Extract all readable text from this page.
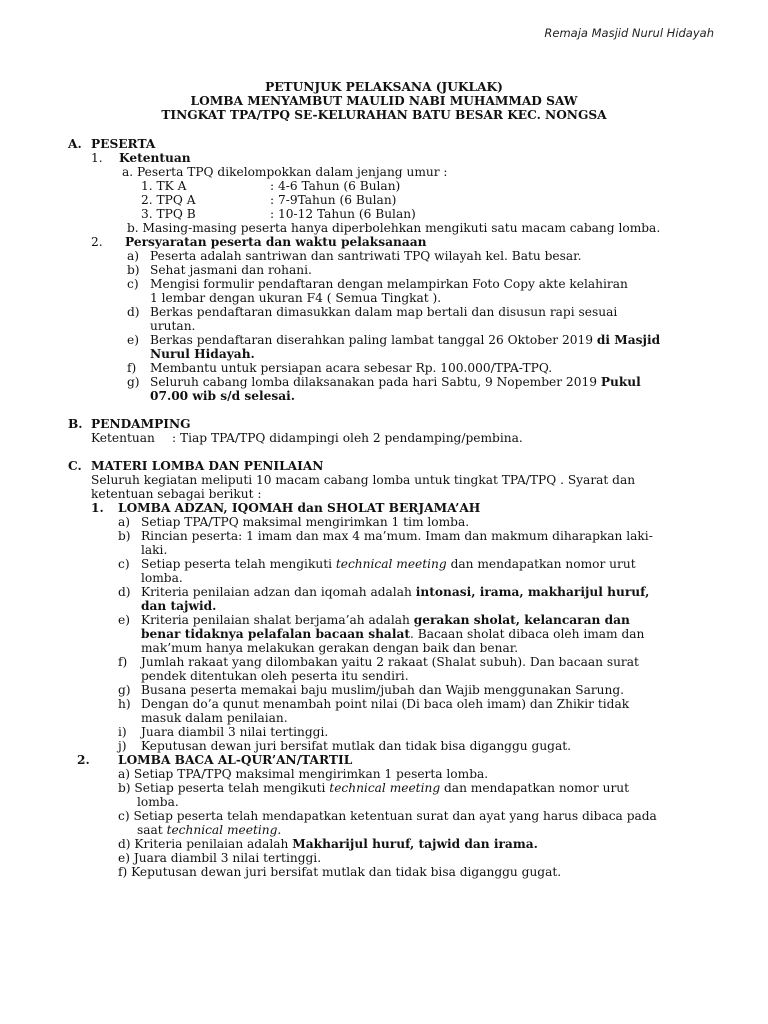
Remaja Masjid Nurul Hidayah
PETUNJUK PELAKSANA (JUKLAK)
LOMBA MENYAMBUT MAULID NABI MUHAMMAD SAW
TINGKAT TPA/TPQ SE-KELURAHAN BATU BESAR KEC. NONGSA
A. PESERTA
1. Ketentuan
a. Peserta TPQ dikelompokkan dalam jenjang umur :
1. TK A	: 4-6 Tahun (6 Bulan)
2. TPQ A	: 7-9Tahun (6 Bulan)
3. TPQ B	: 10-12 Tahun (6 Bulan)
b. Masing-masing peserta hanya diperbolehkan mengikuti satu macam cabang lomba.
2. Persyaratan peserta dan waktu pelaksanaan
a) Peserta adalah santriwan dan santriwati TPQ wilayah kel. Batu besar.
b) Sehat jasmani dan rohani.
c) Mengisi formulir pendaftaran dengan melampirkan Foto Copy akte kelahiran
1 lembar dengan ukuran F4 ( Semua Tingkat ).
d) Berkas pendaftaran dimasukkan dalam map bertali dan disusun rapi sesuai
urutan.
e) Berkas pendaftaran diserahkan paling lambat tanggal 26 Oktober 2019 di Masjid
Nurul Hidayah.
f) Membantu untuk persiapan acara sebesar Rp. 100.000/TPA-TPQ.
g) Seluruh cabang lomba dilaksanakan pada hari Sabtu, 9 Nopember 2019 Pukul
07.00 wib s/d selesai.
B. PENDAMPING
Ketentuan : Tiap TPA/TPQ didampingi oleh 2 pendamping/pembina.
C. MATERI LOMBA DAN PENILAIAN
Seluruh kegiatan meliputi 10 macam cabang lomba untuk tingkat TPA/TPQ . Syarat dan
ketentuan sebagai berikut :
1. LOMBA ADZAN, IQOMAH dan SHOLAT BERJAMA’AH
a) Setiap TPA/TPQ maksimal mengirimkan 1 tim lomba.
b) Rincian peserta: 1 imam dan max 4 ma’mum. Imam dan makmum diharapkan laki-
laki.
c) Setiap peserta telah mengikuti technical meeting dan mendapatkan nomor urut
lomba.
d) Kriteria penilaian adzan dan iqomah adalah intonasi, irama, makharijul huruf,
dan tajwid.
e) Kriteria penilaian shalat berjama’ah adalah gerakan sholat, kelancaran dan
benar tidaknya pelafalan bacaan shalat. Bacaan sholat dibaca oleh imam dan
mak’mum hanya melakukan gerakan dengan baik dan benar.
f) Jumlah rakaat yang dilombakan yaitu 2 rakaat (Shalat subuh). Dan bacaan surat
pendek ditentukan oleh peserta itu sendiri.
g) Busana peserta memakai baju muslim/jubah dan Wajib menggunakan Sarung.
h) Dengan do’a qunut menambah point nilai (Di baca oleh imam) dan Zhikir tidak
masuk dalam penilaian.
i) Juara diambil 3 nilai tertinggi.
j) Keputusan dewan juri bersifat mutlak dan tidak bisa diganggu gugat.
2. LOMBA BACA AL-QUR’AN/TARTIL
a) Setiap TPA/TPQ maksimal mengirimkan 1 peserta lomba.
b) Setiap peserta telah mengikuti technical meeting dan mendapatkan nomor urut
lomba.
c) Setiap peserta telah mendapatkan ketentuan surat dan ayat yang harus dibaca pada
saat technical meeting.
d) Kriteria penilaian adalah Makharijul huruf, tajwid dan irama.
e) Juara diambil 3 nilai tertinggi.
f) Keputusan dewan juri bersifat mutlak dan tidak bisa diganggu gugat.
